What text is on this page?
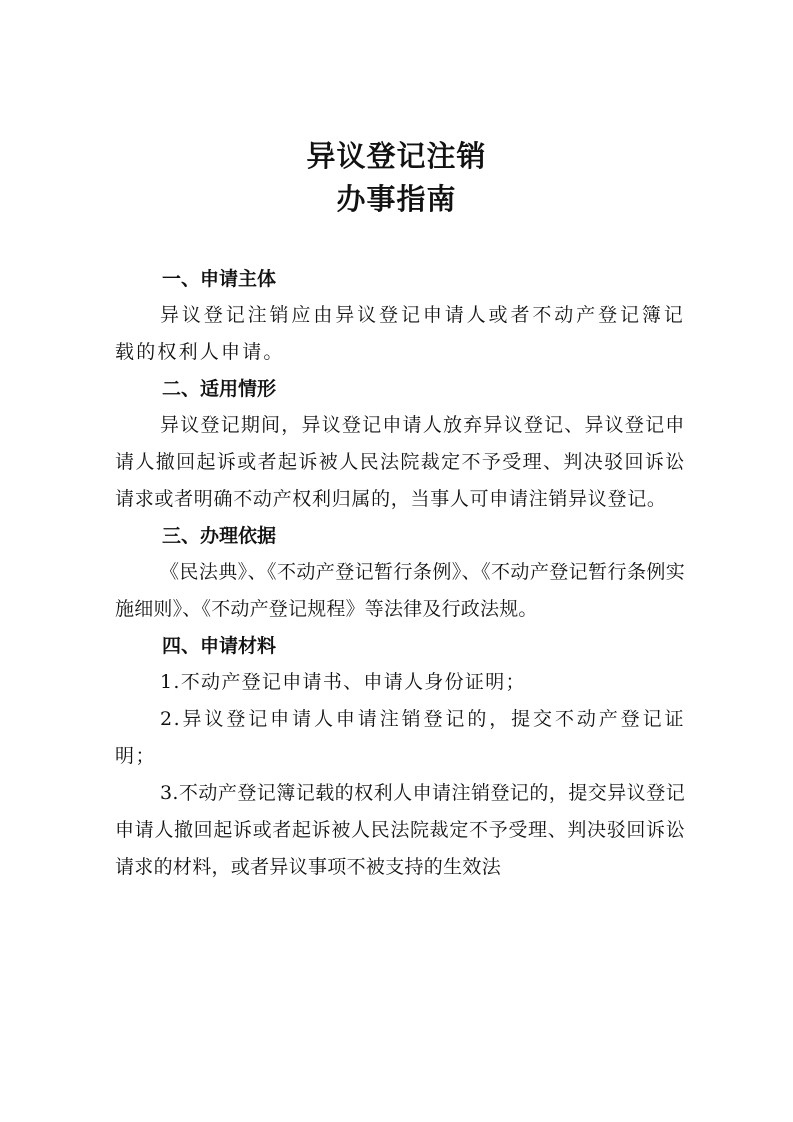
异议登记注销
办事指南
一、申请主体

异议登记注销应由异议登记申请人或者不动产登记簿记载的权利人申请。

二、适用情形

异议登记期间，异议登记申请人放弃异议登记、异议登记申请人撤回起诉或者起诉被人民法院裁定不予受理、判决驳回诉讼请求或者明确不动产权利归属的，当事人可申请注销异议登记。

三、办理依据

《民法典》、《不动产登记暂行条例》、《不动产登记暂行条例实施细则》、《不动产登记规程》等法律及行政法规。

四、申请材料

1.不动产登记申请书、申请人身份证明；

2.异议登记申请人申请注销登记的，提交不动产登记证明；

3.不动产登记簿记载的权利人申请注销登记的，提交异议登记申请人撤回起诉或者起诉被人民法院裁定不予受理、判决驳回诉讼请求的材料，或者异议事项不被支持的生效法
